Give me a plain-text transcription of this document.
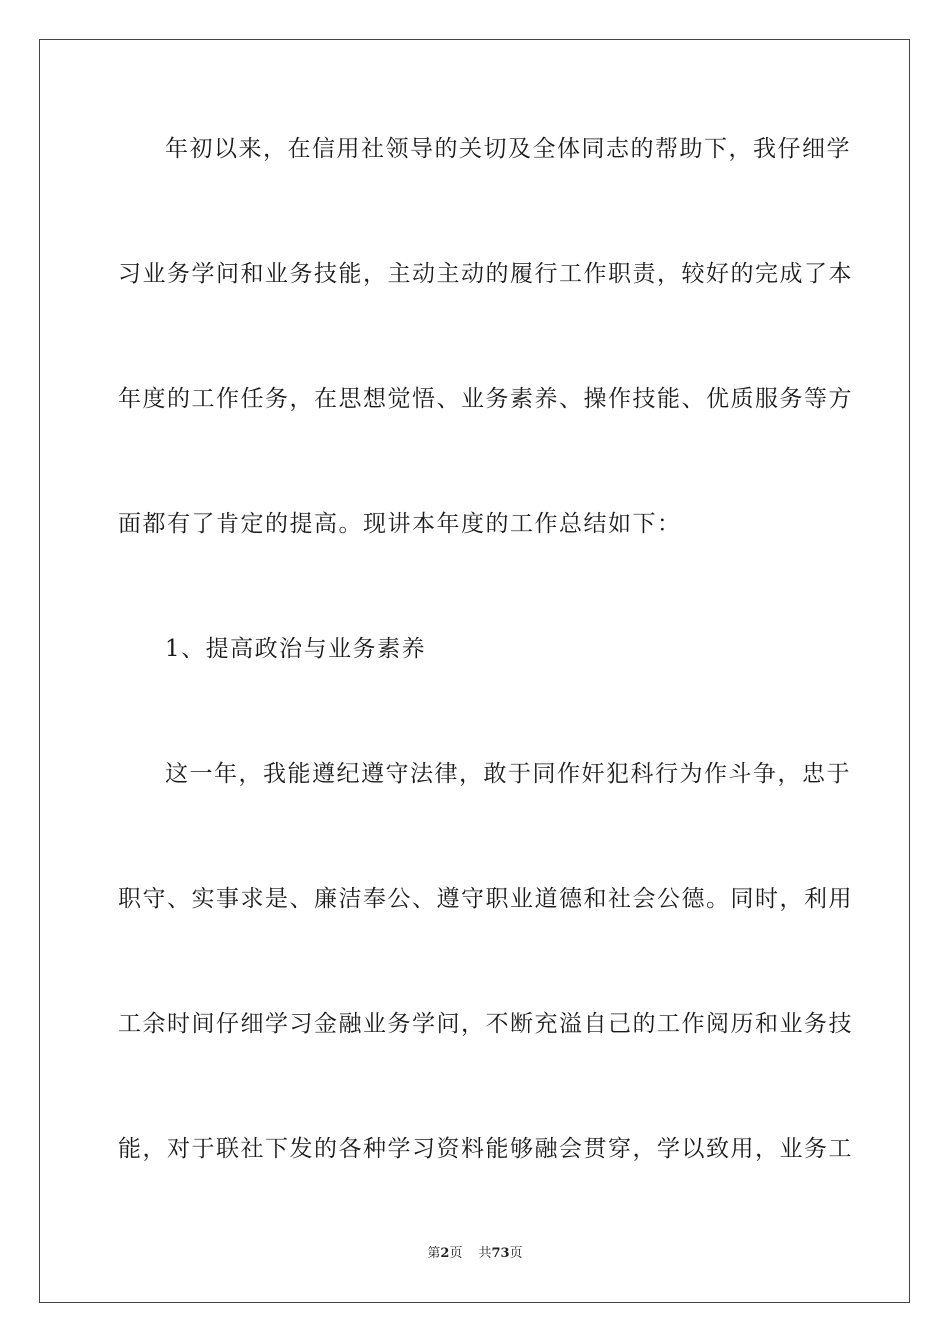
年初以来，在信用社领导的关切及全体同志的帮助下，我仔细学
习业务学问和业务技能，主动主动的履行工作职责，较好的完成了本
年度的工作任务，在思想觉悟、业务素养、操作技能、优质服务等方
面都有了肯定的提高。现讲本年度的工作总结如下：
1、提高政治与业务素养
这一年，我能遵纪遵守法律，敢于同作奸犯科行为作斗争，忠于
职守、实事求是、廉洁奉公、遵守职业道德和社会公德。同时，利用
工余时间仔细学习金融业务学问，不断充溢自己的工作阅历和业务技
能，对于联社下发的各种学习资料能够融会贯穿，学以致用，业务工
第2页 共73页
